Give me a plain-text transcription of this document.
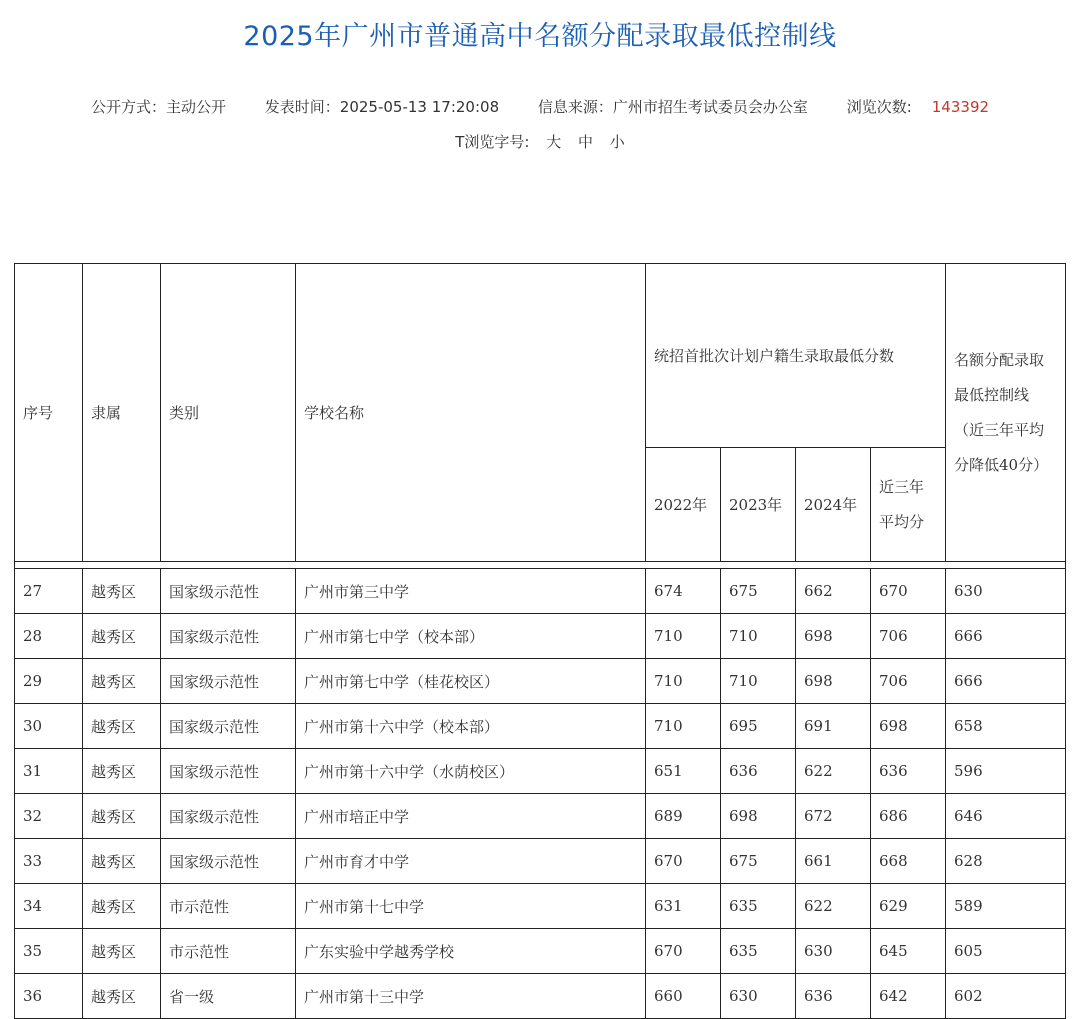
2025年广州市普通高中名额分配录取最低控制线
公开方式：主动公开	发表时间：2025-05-13 17:20:08	信息来源：广州市招生考试委员会办公室	浏览次数: 143392
T浏览字号: 大 中 小
序号	隶属	类别	学校名称	统招首批次计划户籍生录取最低分数				名额分配录取最低控制线（近三年平均分降低40分）
				2022年	2023年	2024年	近三年平均分	

27	越秀区	国家级示范性	广州市第三中学	674	675	662	670	630
28	越秀区	国家级示范性	广州市第七中学（校本部）	710	710	698	706	666
29	越秀区	国家级示范性	广州市第七中学（桂花校区）	710	710	698	706	666
30	越秀区	国家级示范性	广州市第十六中学（校本部）	710	695	691	698	658
31	越秀区	国家级示范性	广州市第十六中学（水荫校区）	651	636	622	636	596
32	越秀区	国家级示范性	广州市培正中学	689	698	672	686	646
33	越秀区	国家级示范性	广州市育才中学	670	675	661	668	628
34	越秀区	市示范性	广州市第十七中学	631	635	622	629	589
35	越秀区	市示范性	广东实验中学越秀学校	670	635	630	645	605
36	越秀区	省一级	广州市第十三中学	660	630	636	642	602
